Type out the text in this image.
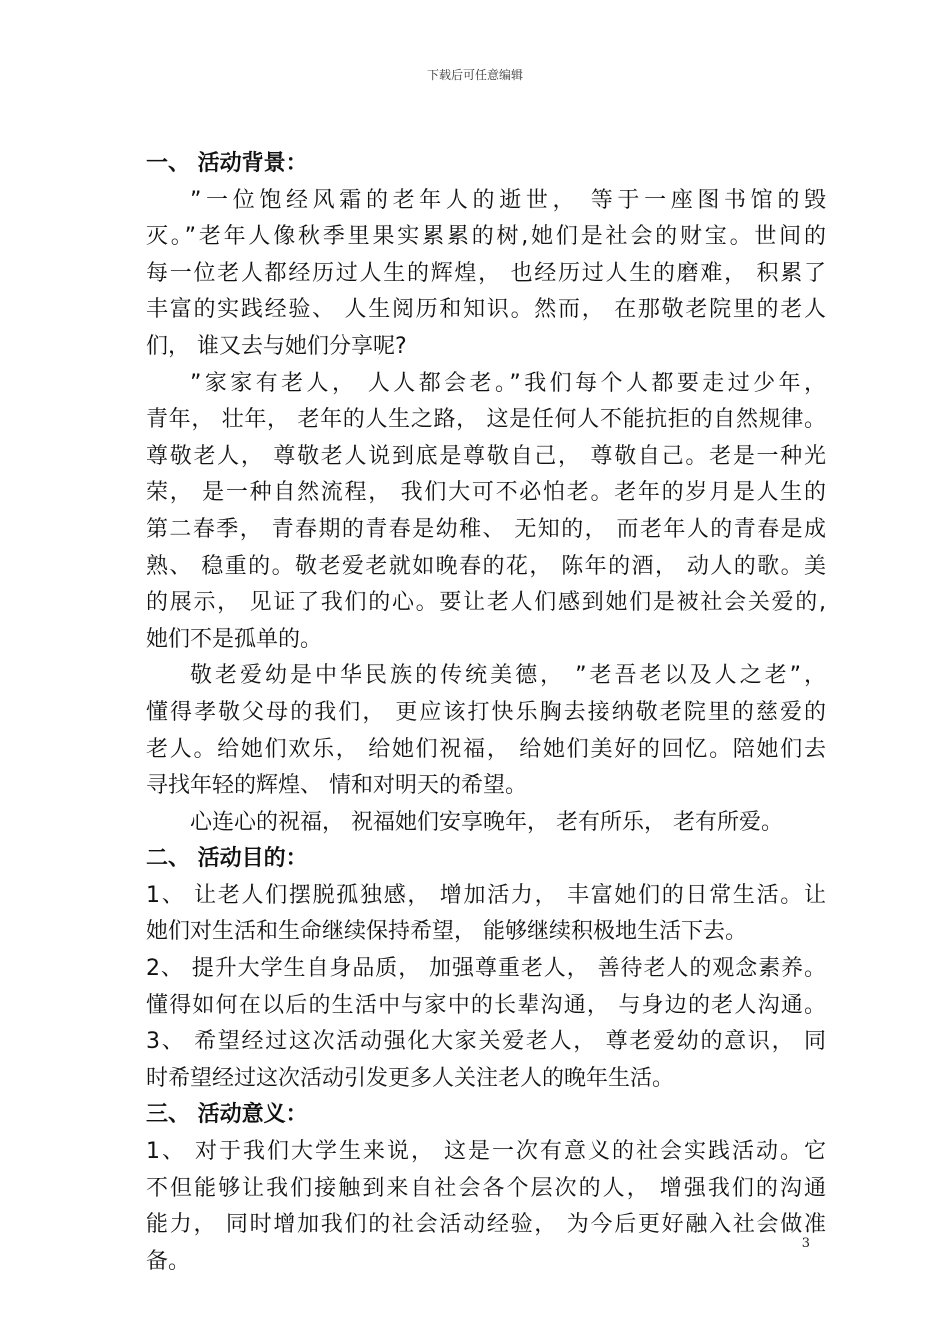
下载后可任意编辑
一、 活动背景：
”一位饱经风霜的老年人的逝世， 等于一座图书馆的毁
灭。”老年人像秋季里果实累累的树,她们是社会的财宝。世间的
每一位老人都经历过人生的辉煌， 也经历过人生的磨难， 积累了
丰富的实践经验、 人生阅历和知识。然而， 在那敬老院里的老人
们， 谁又去与她们分享呢?
”家家有老人， 人人都会老。”我们每个人都要走过少年，
青年， 壮年， 老年的人生之路， 这是任何人不能抗拒的自然规律。
尊敬老人， 尊敬老人说到底是尊敬自己， 尊敬自己。老是一种光
荣， 是一种自然流程， 我们大可不必怕老。老年的岁月是人生的
第二春季， 青春期的青春是幼稚、 无知的， 而老年人的青春是成
熟、 稳重的。敬老爱老就如晚春的花， 陈年的酒， 动人的歌。美
的展示， 见证了我们的心。要让老人们感到她们是被社会关爱的,
她们不是孤单的。
敬老爱幼是中华民族的传统美德， ”老吾老以及人之老”，
懂得孝敬父母的我们， 更应该打快乐胸去接纳敬老院里的慈爱的
老人。给她们欢乐， 给她们祝福， 给她们美好的回忆。陪她们去
寻找年轻的辉煌、 情和对明天的希望。
心连心的祝福， 祝福她们安享晚年， 老有所乐， 老有所爱。
二、 活动目的：
1、 让老人们摆脱孤独感， 增加活力， 丰富她们的日常生活。让
她们对生活和生命继续保持希望， 能够继续积极地生活下去。
2、 提升大学生自身品质， 加强尊重老人， 善待老人的观念素养。
懂得如何在以后的生活中与家中的长辈沟通， 与身边的老人沟通。
3、 希望经过这次活动强化大家关爱老人， 尊老爱幼的意识， 同
时希望经过这次活动引发更多人关注老人的晚年生活。
三、 活动意义：
1、 对于我们大学生来说， 这是一次有意义的社会实践活动。它
不但能够让我们接触到来自社会各个层次的人， 增强我们的沟通
能力， 同时增加我们的社会活动经验， 为今后更好融入社会做准
备。
3
